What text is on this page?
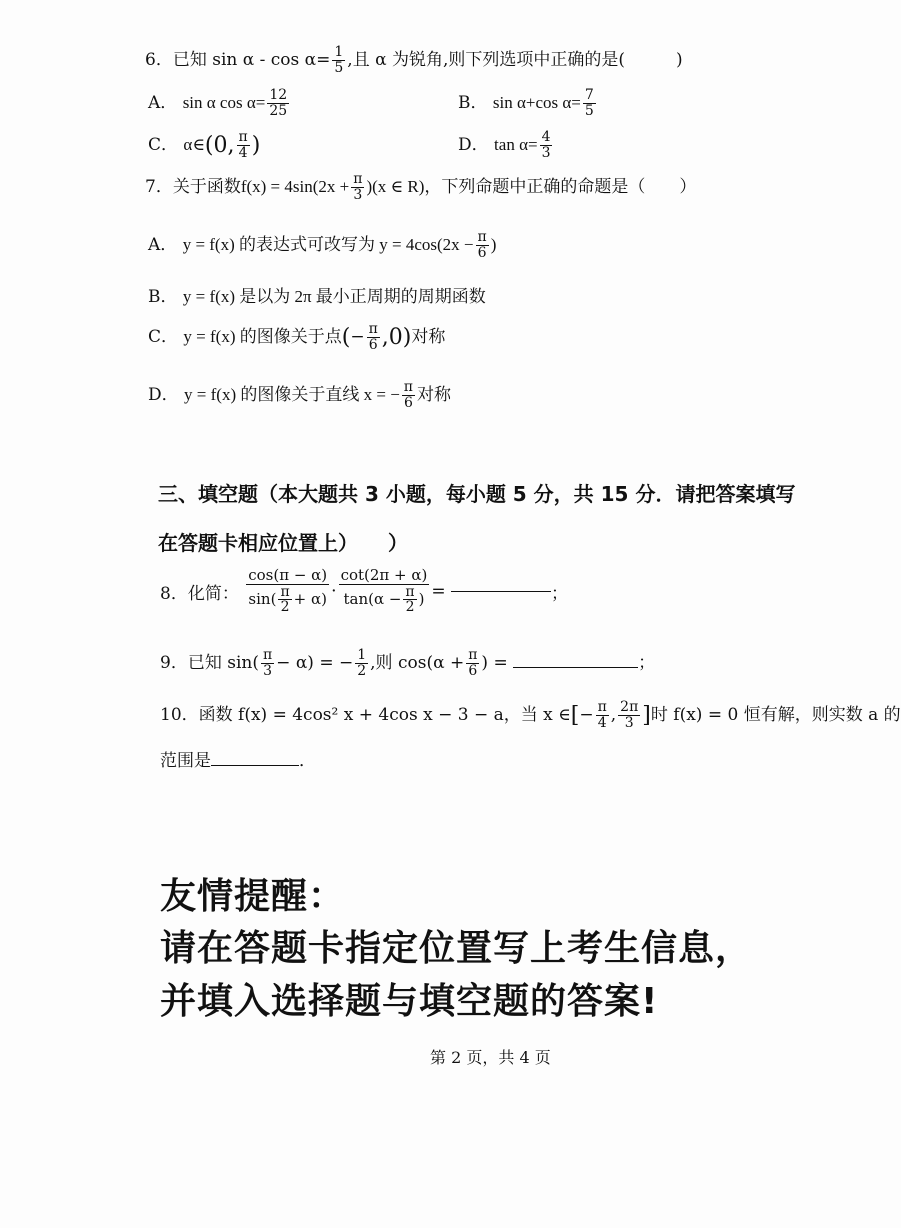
6．已知 $\sin \alpha - \cos \alpha= \frac{1}{5}$ ,且 α 为锐角,则下列选项中正确的是(　　　)
A． sin α $\cos \alpha= \frac{12}{25}$	B． sin α+cos $\alpha= \frac{7}{5}$
C． α∈(0, $\frac{\pi}{4}$ )	D． $\tan \alpha= \frac{4}{3}$
7．关于函数$f(x) = 4\sin(2x + \frac{\pi}{3} )(x$ ∈ R)，下列命题中正确的命题是（　　）
A． y = f(x) 的表达式可改写为 $y = 4\cos(2x - \frac{\pi}{6}$ )
B． y = f(x) 是以为 2π 最小正周期的周期函数
C． y = f(x) 的图像关于点(− $\frac{\pi}{6} ,0$)对称
D． y = f(x) 的图像关于直线 x = − $\frac{\pi}{6}$ 对称
三、填空题（本大题共 3 小题，每小题 5 分，共 15 分．请把答案填写
在答题卡相应位置上）　　）
8．化简： $\frac{\cos(\pi - \alpha)}{\sin( \frac{\pi}{2} + \alpha)} \cdot \frac{\cot(2\pi + \alpha)}{\tan(\alpha - \frac{\pi}{2} )}$ =	；
9．已知 $\sin( \frac{\pi}{3} - \alpha)$ = − $\frac{1}{2}$ ,则 $\cos(\alpha + \frac{\pi}{6}$ ) =	；
10．函数 f(x) = 4cos² x + 4cos x − 3 − a，当 x ∈[− $\frac{\pi}{4}$ , $\frac{2\pi}{3}$ ]时 f(x) = 0 恒有解，则实数 a 的
范围是	．
友情提醒：
请在答题卡指定位置写上考生信息，
并填入选择题与填空题的答案!
第 2 页，共 4 页
